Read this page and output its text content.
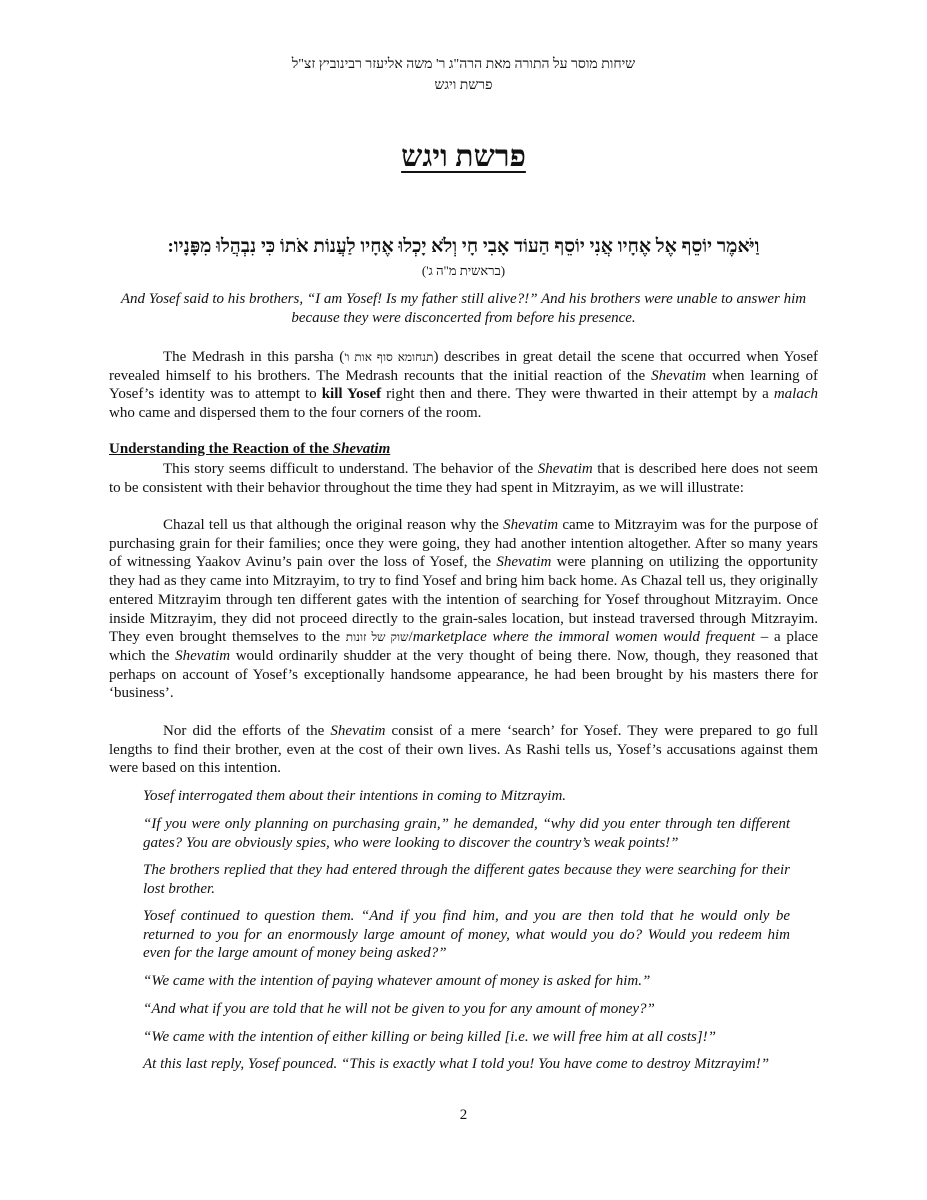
שיחות מוסר על התורה מאת הרה"ג ר' משה אליעזר רבינוביץ זצ"ל
פרשת ויגש
פרשת ויגש
וַיֹּאמֶר יוֹסֵף אֶל אֶחָיו אֲנִי יוֹסֵף הַעוֹד אָבִי חָי וְלֹא יָכְלוּ אֶחָיו לַעֲנוֹת אֹתוֹ כִּי נִבְהֲלוּ מִפָּנָיו:
(בראשית מ"ה ג')
And Yosef said to his brothers, “I am Yosef! Is my father still alive?!” And his brothers were unable to answer him because they were disconcerted from before his presence.

The Medrash in this parsha (תנחומא סוף אות ו') describes in great detail the scene that occurred when Yosef revealed himself to his brothers. The Medrash recounts that the initial reaction of the Shevatim when learning of Yosef’s identity was to attempt to kill Yosef right then and there. They were thwarted in their attempt by a malach who came and dispersed them to the four corners of the room.

Understanding the Reaction of the Shevatim

This story seems difficult to understand. The behavior of the Shevatim that is described here does not seem to be consistent with their behavior throughout the time they had spent in Mitzrayim, as we will illustrate:

Chazal tell us that although the original reason why the Shevatim came to Mitzrayim was for the purpose of purchasing grain for their families; once they were going, they had another intention altogether. After so many years of witnessing Yaakov Avinu’s pain over the loss of Yosef, the Shevatim were planning on utilizing the opportunity they had as they came into Mitzrayim, to try to find Yosef and bring him back home. As Chazal tell us, they originally entered Mitzrayim through ten different gates with the intention of searching for Yosef throughout Mitzrayim. Once inside Mitzrayim, they did not proceed directly to the grain-sales location, but instead traversed through Mitzrayim. They even brought themselves to the שוק של זונות/marketplace where the immoral women would frequent – a place which the Shevatim would ordinarily shudder at the very thought of being there. Now, though, they reasoned that perhaps on account of Yosef’s exceptionally handsome appearance, he had been brought by his masters there for ‘business’.

Nor did the efforts of the Shevatim consist of a mere ‘search’ for Yosef. They were prepared to go full lengths to find their brother, even at the cost of their own lives. As Rashi tells us, Yosef’s accusations against them were based on this intention.

Yosef interrogated them about their intentions in coming to Mitzrayim.

“If you were only planning on purchasing grain,” he demanded, “why did you enter through ten different gates? You are obviously spies, who were looking to discover the country’s weak points!”

The brothers replied that they had entered through the different gates because they were searching for their lost brother.

Yosef continued to question them. “And if you find him, and you are then told that he would only be returned to you for an enormously large amount of money, what would you do? Would you redeem him even for the large amount of money being asked?”

“We came with the intention of paying whatever amount of money is asked for him.”

“And what if you are told that he will not be given to you for any amount of money?”

“We came with the intention of either killing or being killed [i.e. we will free him at all costs]!”

At this last reply, Yosef pounced. “This is exactly what I told you! You have come to destroy Mitzrayim!”

2
